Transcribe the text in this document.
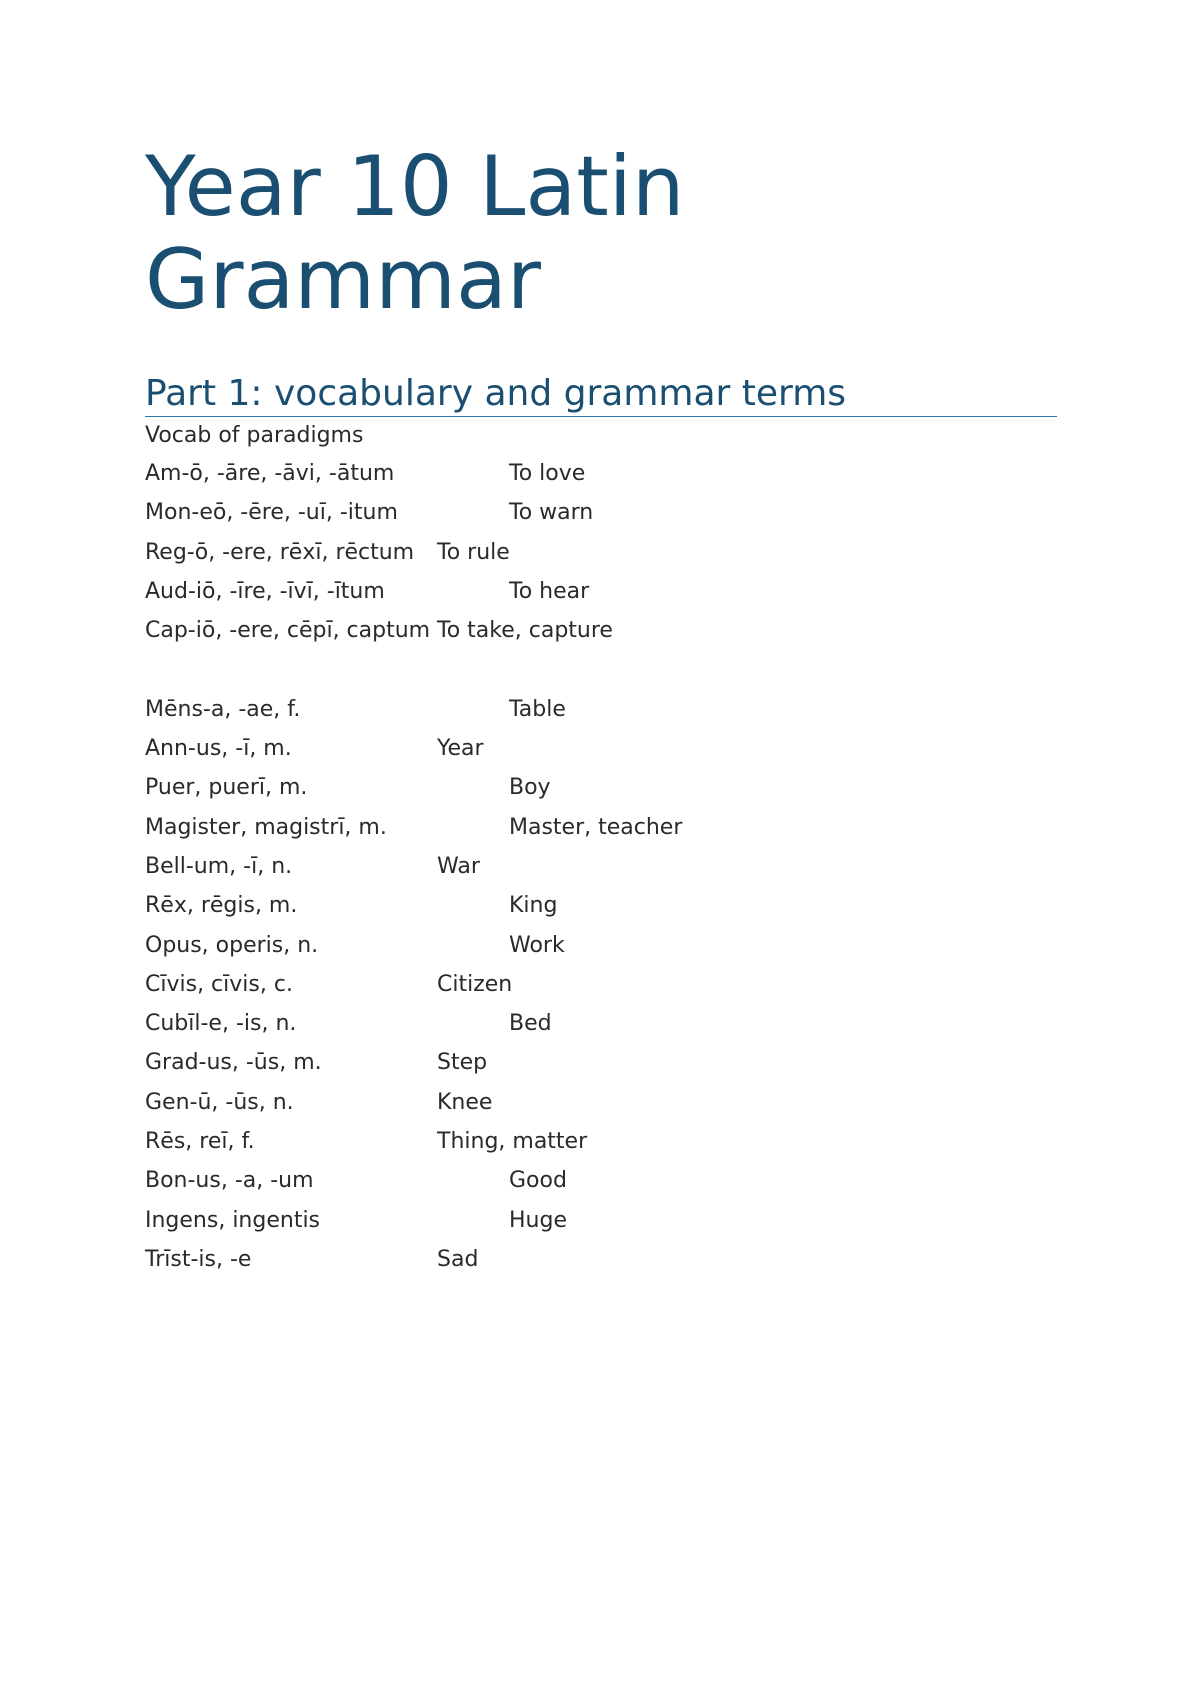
Year 10 Latin
Grammar
Part 1: vocabulary and grammar terms
Vocab of paradigms
Am-ō, -āre, -āvi, -ātum	To love
Mon-eō, -ēre, -uī, -itum	To warn
Reg-ō, -ere, rēxī, rēctum To rule
Aud-iō, -īre, -īvī, -ītum	To hear
Cap-iō, -ere, cēpī, captum To take, capture
Mēns-a, -ae, f.	Table
Ann-us, -ī, m.	Year
Puer, puerī, m.	Boy
Magister, magistrī, m.	Master, teacher
Bell-um, -ī, n.	War
Rēx, rēgis, m.	King
Opus, operis, n.	Work
Cīvis, cīvis, c.	Citizen
Cubīl-e, -is, n.	Bed
Grad-us, -ūs, m.	Step
Gen-ū, -ūs, n.	Knee
Rēs, reī, f.	Thing, matter
Bon-us, -a, -um	Good
Ingens, ingentis	Huge
Trīst-is, -e	Sad
